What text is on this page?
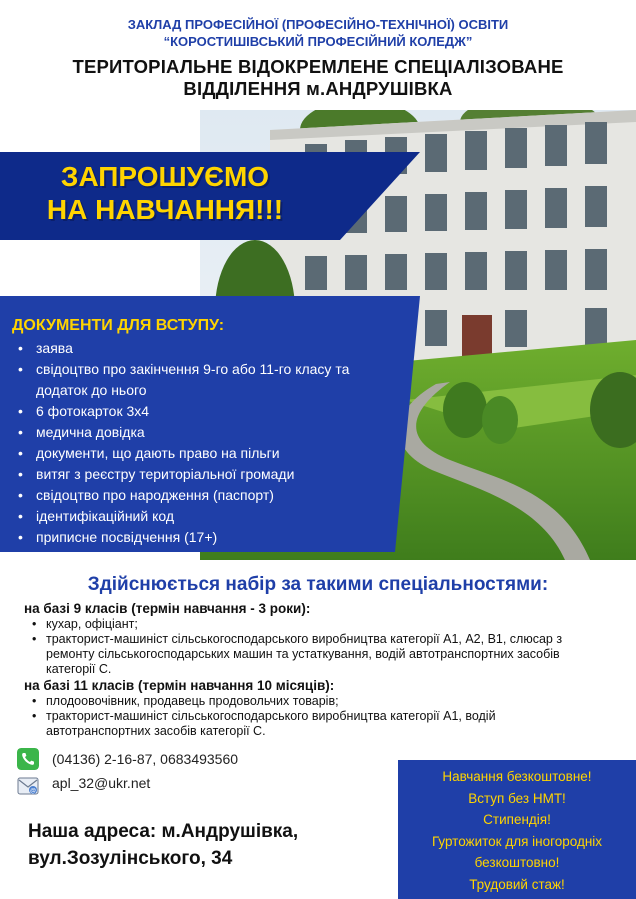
ЗАКЛАД ПРОФЕСІЙНОЇ (ПРОФЕСІЙНО-ТЕХНІЧНОЇ) ОСВІТИ
“КОРОСТИШІВСЬКИЙ ПРОФЕСІЙНИЙ КОЛЕДЖ”
ТЕРИТОРІАЛЬНЕ ВІДОКРЕМЛЕНЕ СПЕЦІАЛІЗОВАНЕ
ВІДДІЛЕННЯ м.АНДРУШІВКА
ЗАПРОШУЄМО
НА НАВЧАННЯ!!!
ДОКУМЕНТИ ДЛЯ ВСТУПУ:
• заява
• свідоцтво про закінчення 9-го або 11-го класу та додаток до нього
• 6 фотокарток 3х4
• медична довідка
• документи, що дають право на пільги
• витяг з реєстру територіальної громади
• свідоцтво про народження (паспорт)
• ідентифікаційний код
• приписне посвідчення (17+)
Здійснюється набір за такими спеціальностями:
на базі 9 класів (термін навчання - 3 роки):
• кухар, офіціант;
• тракторист-машиніст сільськогосподарського виробництва категорії А1, А2, В1, слюсар з ремонту сільськогосподарських машин та устаткування, водій автотранспортних засобів категорії С.
на базі 11 класів (термін навчання 10 місяців):
• плодоовочівник, продавець продовольчих товарів;
• тракторист-машиніст сільськогосподарського виробництва категорії А1, водій автотранспортних засобів категорії С.
(04136) 2-16-87, 0683493560
@
apl_32@ukr.net
Наша адреса: м.Андрушівка,
вул.Зозулінського, 34
Навчання безкоштовне!
Вступ без НМТ!
Стипендія!
Гуртожиток для іногородніх
безкоштовно!
Трудовий стаж!
